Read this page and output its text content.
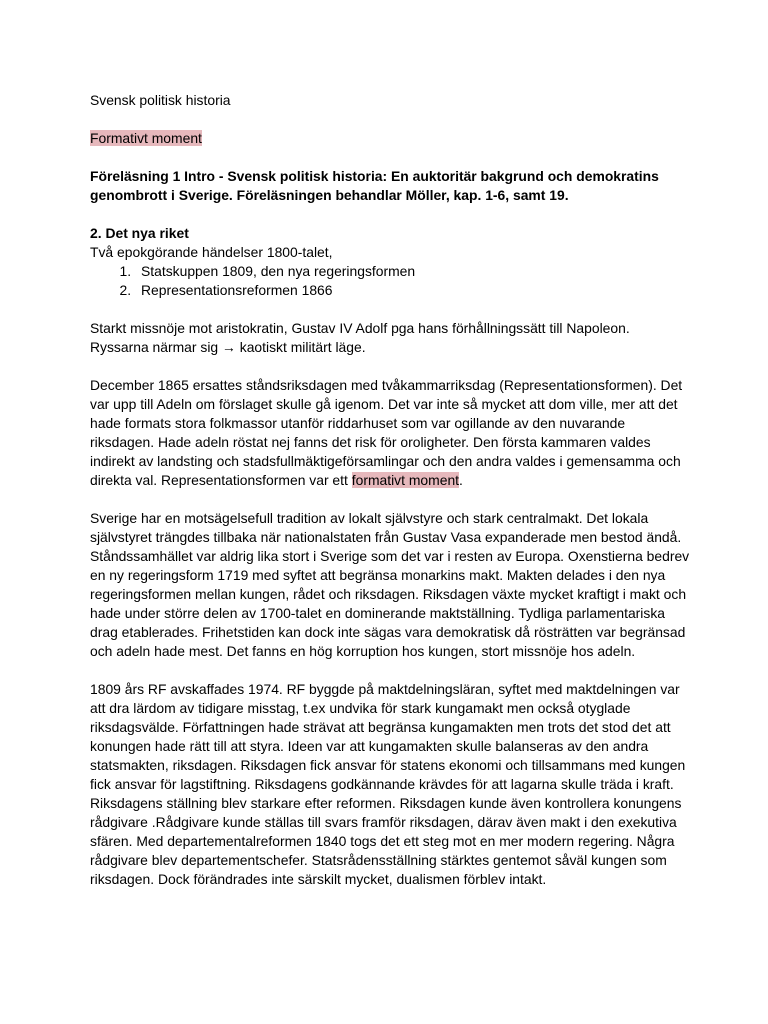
Svensk politisk historia

Formativt moment

Föreläsning 1 Intro - Svensk politisk historia: En auktoritär bakgrund och demokratins genombrott i Sverige. Föreläsningen behandlar Möller, kap. 1-6, samt 19.

2. Det nya riket

Två epokgörande händelser 1800-talet,

1. Statskuppen 1809, den nya regeringsformen
2. Representationsreformen 1866

Starkt missnöje mot aristokratin, Gustav IV Adolf pga hans förhållningssätt till Napoleon. Ryssarna närmar sig → kaotiskt militärt läge.

December 1865 ersattes ståndsriksdagen med tvåkammarriksdag (Representationsformen). Det var upp till Adeln om förslaget skulle gå igenom. Det var inte så mycket att dom ville, mer att det hade formats stora folkmassor utanför riddarhuset som var ogillande av den nuvarande riksdagen. Hade adeln röstat nej fanns det risk för oroligheter. Den första kammaren valdes indirekt av landsting och stadsfullmäktigeförsamlingar och den andra valdes i gemensamma och direkta val. Representationsformen var ett formativt moment.

Sverige har en motsägelsefull tradition av lokalt självstyre och stark centralmakt. Det lokala självstyret trängdes tillbaka när nationalstaten från Gustav Vasa expanderade men bestod ändå. Ståndssamhället var aldrig lika stort i Sverige som det var i resten av Europa. Oxenstierna bedrev en ny regeringsform 1719 med syftet att begränsa monarkins makt. Makten delades i den nya regeringsformen mellan kungen, rådet och riksdagen. Riksdagen växte mycket kraftigt i makt och hade under större delen av 1700-talet en dominerande maktställning. Tydliga parlamentariska drag etablerades. Frihetstiden kan dock inte sägas vara demokratisk då rösträtten var begränsad och adeln hade mest. Det fanns en hög korruption hos kungen, stort missnöje hos adeln.

1809 års RF avskaffades 1974. RF byggde på maktdelningsläran, syftet med maktdelningen var att dra lärdom av tidigare misstag, t.ex undvika för stark kungamakt men också otyglade riksdagsvälde. Författningen hade strävat att begränsa kungamakten men trots det stod det att konungen hade rätt till att styra. Ideen var att kungamakten skulle balanseras av den andra statsmakten, riksdagen. Riksdagen fick ansvar för statens ekonomi och tillsammans med kungen fick ansvar för lagstiftning. Riksdagens godkännande krävdes för att lagarna skulle träda i kraft. Riksdagens ställning blev starkare efter reformen. Riksdagen kunde även kontrollera konungens rådgivare .Rådgivare kunde ställas till svars framför riksdagen, därav även makt i den exekutiva sfären. Med departementalreformen 1840 togs det ett steg mot en mer modern regering. Några rådgivare blev departementschefer. Statsrådensställning stärktes gentemot såväl kungen som riksdagen. Dock förändrades inte särskilt mycket, dualismen förblev intakt.
